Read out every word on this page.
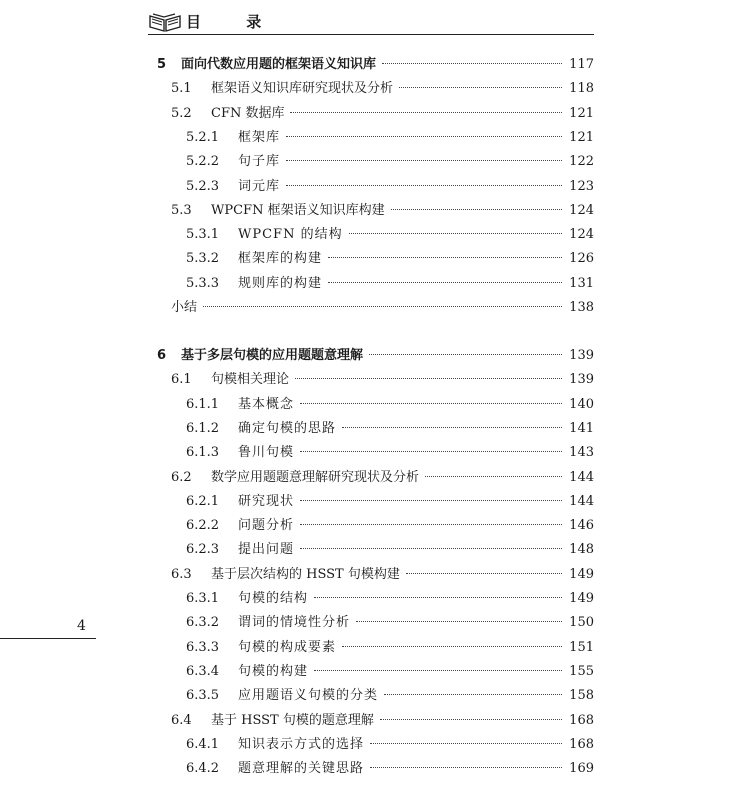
目 录
5	面向代数应用题的框架语义知识库	117
5.1	框架语义知识库研究现状及分析	118
5.2	CFN 数据库	121
5.2.1	框架库	121
5.2.2	句子库	122
5.2.3	词元库	123
5.3	WPCFN 框架语义知识库构建	124
5.3.1	WPCFN 的结构	124
5.3.2	框架库的构建	126
5.3.3	规则库的构建	131
小结	138
6	基于多层句模的应用题题意理解	139
6.1	句模相关理论	139
6.1.1	基本概念	140
6.1.2	确定句模的思路	141
6.1.3	鲁川句模	143
6.2	数学应用题题意理解研究现状及分析	144
6.2.1	研究现状	144
6.2.2	问题分析	146
6.2.3	提出问题	148
6.3	基于层次结构的 HSST 句模构建	149
6.3.1	句模的结构	149
6.3.2	谓词的情境性分析	150
6.3.3	句模的构成要素	151
6.3.4	句模的构建	155
6.3.5	应用题语义句模的分类	158
6.4	基于 HSST 句模的题意理解	168
6.4.1	知识表示方式的选择	168
6.4.2	题意理解的关键思路	169
4
